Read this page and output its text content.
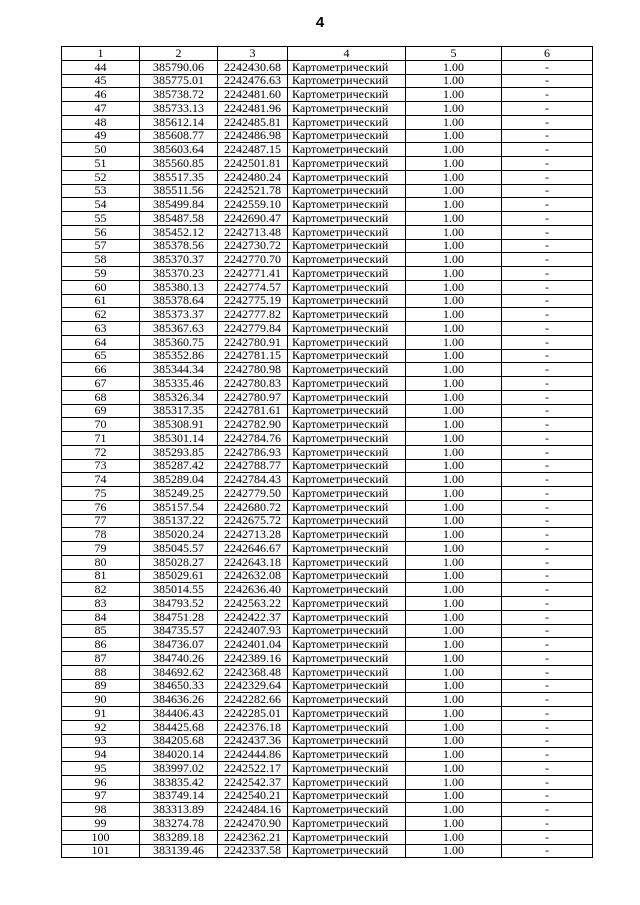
4
1	2	3	4	5	6
44	385790.06	2242430.68	Картометрический	1.00	-
45	385775.01	2242476.63	Картометрический	1.00	-
46	385738.72	2242481.60	Картометрический	1.00	-
47	385733.13	2242481.96	Картометрический	1.00	-
48	385612.14	2242485.81	Картометрический	1.00	-
49	385608.77	2242486.98	Картометрический	1.00	-
50	385603.64	2242487.15	Картометрический	1.00	-
51	385560.85	2242501.81	Картометрический	1.00	-
52	385517.35	2242480.24	Картометрический	1.00	-
53	385511.56	2242521.78	Картометрический	1.00	-
54	385499.84	2242559.10	Картометрический	1.00	-
55	385487.58	2242690.47	Картометрический	1.00	-
56	385452.12	2242713.48	Картометрический	1.00	-
57	385378.56	2242730.72	Картометрический	1.00	-
58	385370.37	2242770.70	Картометрический	1.00	-
59	385370.23	2242771.41	Картометрический	1.00	-
60	385380.13	2242774.57	Картометрический	1.00	-
61	385378.64	2242775.19	Картометрический	1.00	-
62	385373.37	2242777.82	Картометрический	1.00	-
63	385367.63	2242779.84	Картометрический	1.00	-
64	385360.75	2242780.91	Картометрический	1.00	-
65	385352.86	2242781.15	Картометрический	1.00	-
66	385344.34	2242780.98	Картометрический	1.00	-
67	385335.46	2242780.83	Картометрический	1.00	-
68	385326.34	2242780.97	Картометрический	1.00	-
69	385317.35	2242781.61	Картометрический	1.00	-
70	385308.91	2242782.90	Картометрический	1.00	-
71	385301.14	2242784.76	Картометрический	1.00	-
72	385293.85	2242786.93	Картометрический	1.00	-
73	385287.42	2242788.77	Картометрический	1.00	-
74	385289.04	2242784.43	Картометрический	1.00	-
75	385249.25	2242779.50	Картометрический	1.00	-
76	385157.54	2242680.72	Картометрический	1.00	-
77	385137.22	2242675.72	Картометрический	1.00	-
78	385020.24	2242713.28	Картометрический	1.00	-
79	385045.57	2242646.67	Картометрический	1.00	-
80	385028.27	2242643.18	Картометрический	1.00	-
81	385029.61	2242632.08	Картометрический	1.00	-
82	385014.55	2242636.40	Картометрический	1.00	-
83	384793.52	2242563.22	Картометрический	1.00	-
84	384751.28	2242422.37	Картометрический	1.00	-
85	384735.57	2242407.93	Картометрический	1.00	-
86	384736.07	2242401.04	Картометрический	1.00	-
87	384740.26	2242389.16	Картометрический	1.00	-
88	384692.62	2242368.48	Картометрический	1.00	-
89	384650.33	2242329.64	Картометрический	1.00	-
90	384636.26	2242282.66	Картометрический	1.00	-
91	384406.43	2242285.01	Картометрический	1.00	-
92	384425.68	2242376.18	Картометрический	1.00	-
93	384205.68	2242437.36	Картометрический	1.00	-
94	384020.14	2242444.86	Картометрический	1.00	-
95	383997.02	2242522.17	Картометрический	1.00	-
96	383835.42	2242542.37	Картометрический	1.00	-
97	383749.14	2242540.21	Картометрический	1.00	-
98	383313.89	2242484.16	Картометрический	1.00	-
99	383274.78	2242470.90	Картометрический	1.00	-
100	383289.18	2242362.21	Картометрический	1.00	-
101	383139.46	2242337.58	Картометрический	1.00	-
